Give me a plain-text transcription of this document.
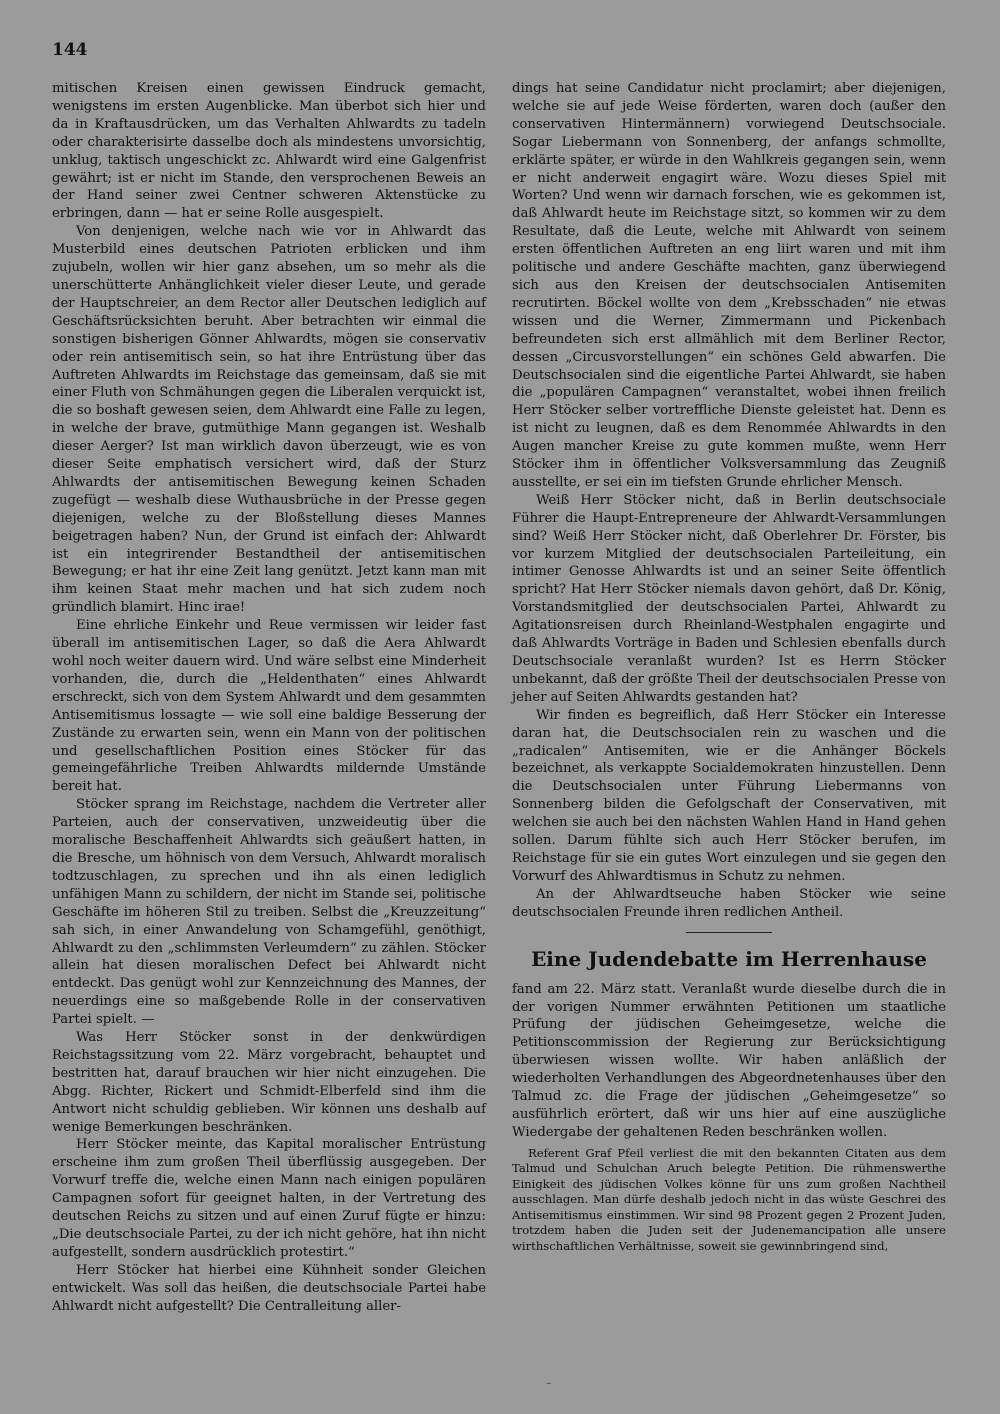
144

mitischen Kreisen einen gewissen Eindruck gemacht, wenigstens im ersten Augenblicke. Man überbot sich hier und da in Kraftausdrücken, um das Verhalten Ahlwardts zu tadeln oder charakterisirte dasselbe doch als mindestens unvorsichtig, unklug, taktisch ungeschickt zc. Ahlwardt wird eine Galgenfrist gewährt; ist er nicht im Stande, den versprochenen Beweis an der Hand seiner zwei Centner schweren Aktenstücke zu erbringen, dann — hat er seine Rolle ausgespielt.

Von denjenigen, welche nach wie vor in Ahlwardt das Musterbild eines deutschen Patrioten erblicken und ihm zujubeln, wollen wir hier ganz absehen, um so mehr als die unerschütterte Anhänglichkeit vieler dieser Leute, und gerade der Hauptschreier, an dem Rector aller Deutschen lediglich auf Geschäftsrücksichten beruht. Aber betrachten wir einmal die sonstigen bisherigen Gönner Ahlwardts, mögen sie conservativ oder rein antisemitisch sein, so hat ihre Entrüstung über das Auftreten Ahlwardts im Reichstage das gemeinsam, daß sie mit einer Fluth von Schmähungen gegen die Liberalen verquickt ist, die so boshaft gewesen seien, dem Ahlwardt eine Falle zu legen, in welche der brave, gutmüthige Mann gegangen ist. Weshalb dieser Aerger? Ist man wirklich davon überzeugt, wie es von dieser Seite emphatisch versichert wird, daß der Sturz Ahlwardts der antisemitischen Bewegung keinen Schaden zugefügt — weshalb diese Wuthausbrüche in der Presse gegen diejenigen, welche zu der Bloßstellung dieses Mannes beigetragen haben? Nun, der Grund ist einfach der: Ahlwardt ist ein integrirender Bestandtheil der antisemitischen Bewegung; er hat ihr eine Zeit lang genützt. Jetzt kann man mit ihm keinen Staat mehr machen und hat sich zudem noch gründlich blamirt. Hinc irae!

Eine ehrliche Einkehr und Reue vermissen wir leider fast überall im antisemitischen Lager, so daß die Aera Ahlwardt wohl noch weiter dauern wird. Und wäre selbst eine Minderheit vorhanden, die, durch die „Heldenthaten“ eines Ahlwardt erschreckt, sich von dem System Ahlwardt und dem gesammten Antisemitismus lossagte — wie soll eine baldige Besserung der Zustände zu erwarten sein, wenn ein Mann von der politischen und gesellschaftlichen Position eines Stöcker für das gemeingefährliche Treiben Ahlwardts mildernde Umstände bereit hat.

Stöcker sprang im Reichstage, nachdem die Vertreter aller Parteien, auch der conservativen, unzweideutig über die moralische Beschaffenheit Ahlwardts sich geäußert hatten, in die Bresche, um höhnisch von dem Versuch, Ahlwardt moralisch todtzuschlagen, zu sprechen und ihn als einen lediglich unfähigen Mann zu schildern, der nicht im Stande sei, politische Geschäfte im höheren Stil zu treiben. Selbst die „Kreuzzeitung“ sah sich, in einer Anwandelung von Schamgefühl, genöthigt, Ahlwardt zu den „schlimmsten Verleumdern“ zu zählen. Stöcker allein hat diesen moralischen Defect bei Ahlwardt nicht entdeckt. Das genügt wohl zur Kennzeichnung des Mannes, der neuerdings eine so maßgebende Rolle in der conservativen Partei spielt. —

Was Herr Stöcker sonst in der denkwürdigen Reichstagssitzung vom 22. März vorgebracht, behauptet und bestritten hat, darauf brauchen wir hier nicht einzugehen. Die Abgg. Richter, Rickert und Schmidt-Elberfeld sind ihm die Antwort nicht schuldig geblieben. Wir können uns deshalb auf wenige Bemerkungen beschränken.

Herr Stöcker meinte, das Kapital moralischer Entrüstung erscheine ihm zum großen Theil überflüssig ausgegeben. Der Vorwurf treffe die, welche einen Mann nach einigen populären Campagnen sofort für geeignet halten, in der Vertretung des deutschen Reichs zu sitzen und auf einen Zuruf fügte er hinzu: „Die deutschsociale Partei, zu der ich nicht gehöre, hat ihn nicht aufgestellt, sondern ausdrücklich protestirt.“

Herr Stöcker hat hierbei eine Kühnheit sonder Gleichen entwickelt. Was soll das heißen, die deutschsociale Partei habe Ahlwardt nicht aufgestellt? Die Centralleitung aller-

dings hat seine Candidatur nicht proclamirt; aber diejenigen, welche sie auf jede Weise förderten, waren doch (außer den conservativen Hintermännern) vorwiegend Deutschsociale. Sogar Liebermann von Sonnenberg, der anfangs schmollte, erklärte später, er würde in den Wahlkreis gegangen sein, wenn er nicht anderweit engagirt wäre. Wozu dieses Spiel mit Worten? Und wenn wir darnach forschen, wie es gekommen ist, daß Ahlwardt heute im Reichstage sitzt, so kommen wir zu dem Resultate, daß die Leute, welche mit Ahlwardt von seinem ersten öffentlichen Auftreten an eng liirt waren und mit ihm politische und andere Geschäfte machten, ganz überwiegend sich aus den Kreisen der deutschsocialen Antisemiten recrutirten. Böckel wollte von dem „Krebsschaden“ nie etwas wissen und die Werner, Zimmermann und Pickenbach befreundeten sich erst allmählich mit dem Berliner Rector, dessen „Circusvorstellungen“ ein schönes Geld abwarfen. Die Deutschsocialen sind die eigentliche Partei Ahlwardt, sie haben die „populären Campagnen“ veranstaltet, wobei ihnen freilich Herr Stöcker selber vortreffliche Dienste geleistet hat. Denn es ist nicht zu leugnen, daß es dem Renommée Ahlwardts in den Augen mancher Kreise zu gute kommen mußte, wenn Herr Stöcker ihm in öffentlicher Volksversammlung das Zeugniß ausstellte, er sei ein im tiefsten Grunde ehrlicher Mensch.

Weiß Herr Stöcker nicht, daß in Berlin deutschsociale Führer die Haupt-Entrepreneure der Ahlwardt-Versammlungen sind? Weiß Herr Stöcker nicht, daß Oberlehrer Dr. Förster, bis vor kurzem Mitglied der deutschsocialen Parteileitung, ein intimer Genosse Ahlwardts ist und an seiner Seite öffentlich spricht? Hat Herr Stöcker niemals davon gehört, daß Dr. König, Vorstandsmitglied der deutschsocialen Partei, Ahlwardt zu Agitationsreisen durch Rheinland-Westphalen engagirte und daß Ahlwardts Vorträge in Baden und Schlesien ebenfalls durch Deutschsociale veranlaßt wurden? Ist es Herrn Stöcker unbekannt, daß der größte Theil der deutschsocialen Presse von jeher auf Seiten Ahlwardts gestanden hat?

Wir finden es begreiflich, daß Herr Stöcker ein Interesse daran hat, die Deutschsocialen rein zu waschen und die „radicalen“ Antisemiten, wie er die Anhänger Böckels bezeichnet, als verkappte Socialdemokraten hinzustellen. Denn die Deutschsocialen unter Führung Liebermanns von Sonnenberg bilden die Gefolgschaft der Conservativen, mit welchen sie auch bei den nächsten Wahlen Hand in Hand gehen sollen. Darum fühlte sich auch Herr Stöcker berufen, im Reichstage für sie ein gutes Wort einzulegen und sie gegen den Vorwurf des Ahlwardtismus in Schutz zu nehmen.

An der Ahlwardtseuche haben Stöcker wie seine deutschsocialen Freunde ihren redlichen Antheil.

Eine Judendebatte im Herrenhause

fand am 22. März statt. Veranlaßt wurde dieselbe durch die in der vorigen Nummer erwähnten Petitionen um staatliche Prüfung der jüdischen Geheimgesetze, welche die Petitionscommission der Regierung zur Berücksichtigung überwiesen wissen wollte. Wir haben anläßlich der wiederholten Verhandlungen des Abgeordnetenhauses über den Talmud zc. die Frage der jüdischen „Geheimgesetze“ so ausführlich erörtert, daß wir uns hier auf eine auszügliche Wiedergabe der gehaltenen Reden beschränken wollen.

Referent Graf Pfeil verliest die mit den bekannten Citaten aus dem Talmud und Schulchan Aruch belegte Petition. Die rühmenswerthe Einigkeit des jüdischen Volkes könne für uns zum großen Nachtheil ausschlagen. Man dürfe deshalb jedoch nicht in das wüste Geschrei des Antisemitismus einstimmen. Wir sind 98 Prozent gegen 2 Prozent Juden, trotzdem haben die Juden seit der Judenemancipation alle unsere wirthschaftlichen Verhältnisse, soweit sie gewinnbringend sind,

–
